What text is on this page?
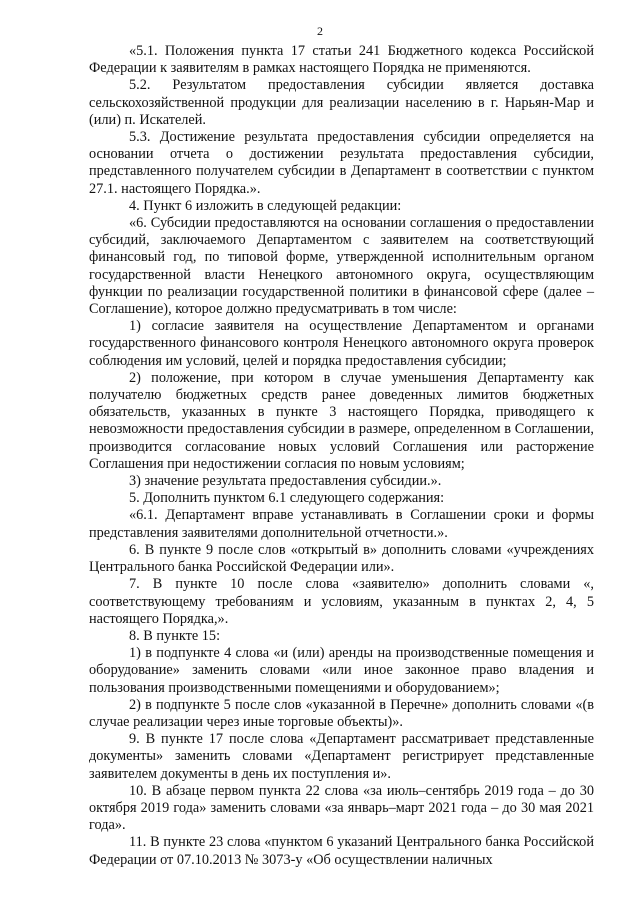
2

«5.1. Положения пункта 17 статьи 241 Бюджетного кодекса Российской Федерации к заявителям в рамках настоящего Порядка не применяются.

5.2. Результатом предоставления субсидии является доставка сельскохозяйственной продукции для реализации населению в г. Нарьян-Мар и (или) п. Искателей.

5.3. Достижение результата предоставления субсидии определяется на основании отчета о достижении результата предоставления субсидии, представленного получателем субсидии в Департамент в соответствии с пунктом 27.1. настоящего Порядка.».

4. Пункт 6 изложить в следующей редакции:

«6. Субсидии предоставляются на основании соглашения о предоставлении субсидий, заключаемого Департаментом с заявителем на соответствующий финансовый год, по типовой форме, утвержденной исполнительным органом государственной власти Ненецкого автономного округа, осуществляющим функции по реализации государственной политики в финансовой сфере (далее – Соглашение), которое должно предусматривать в том числе:

1) согласие заявителя на осуществление Департаментом и органами государственного финансового контроля Ненецкого автономного округа проверок соблюдения им условий, целей и порядка предоставления субсидии;

2) положение, при котором в случае уменьшения Департаменту как получателю бюджетных средств ранее доведенных лимитов бюджетных обязательств, указанных в пункте 3 настоящего Порядка, приводящего к невозможности предоставления субсидии в размере, определенном в Соглашении, производится согласование новых условий Соглашения или расторжение Соглашения при недостижении согласия по новым условиям;

3) значение результата предоставления субсидии.».

5. Дополнить пунктом 6.1 следующего содержания:

«6.1. Департамент вправе устанавливать в Соглашении сроки и формы представления заявителями дополнительной отчетности.».

6. В пункте 9 после слов «открытый в» дополнить словами «учреждениях Центрального банка Российской Федерации или».

7. В пункте 10 после слова «заявителю» дополнить словами «, соответствующему требованиям и условиям, указанным в пунктах 2, 4, 5 настоящего Порядка,».

8. В пункте 15:

1) в подпункте 4 слова «и (или) аренды на производственные помещения и оборудование» заменить словами «или иное законное право владения и пользования производственными помещениями и оборудованием»;

2) в подпункте 5 после слов «указанной в Перечне» дополнить словами «(в случае реализации через иные торговые объекты)».

9. В пункте 17 после слова «Департамент рассматривает представленные документы» заменить словами «Департамент регистрирует представленные заявителем документы в день их поступления и».

10. В абзаце первом пункта 22 слова «за июль–сентябрь 2019 года – до 30 октября 2019 года» заменить словами «за январь–март 2021 года – до 30 мая 2021 года».

11. В пункте 23 слова «пунктом 6 указаний Центрального банка Российской Федерации от 07.10.2013 № 3073-у «Об осуществлении наличных
